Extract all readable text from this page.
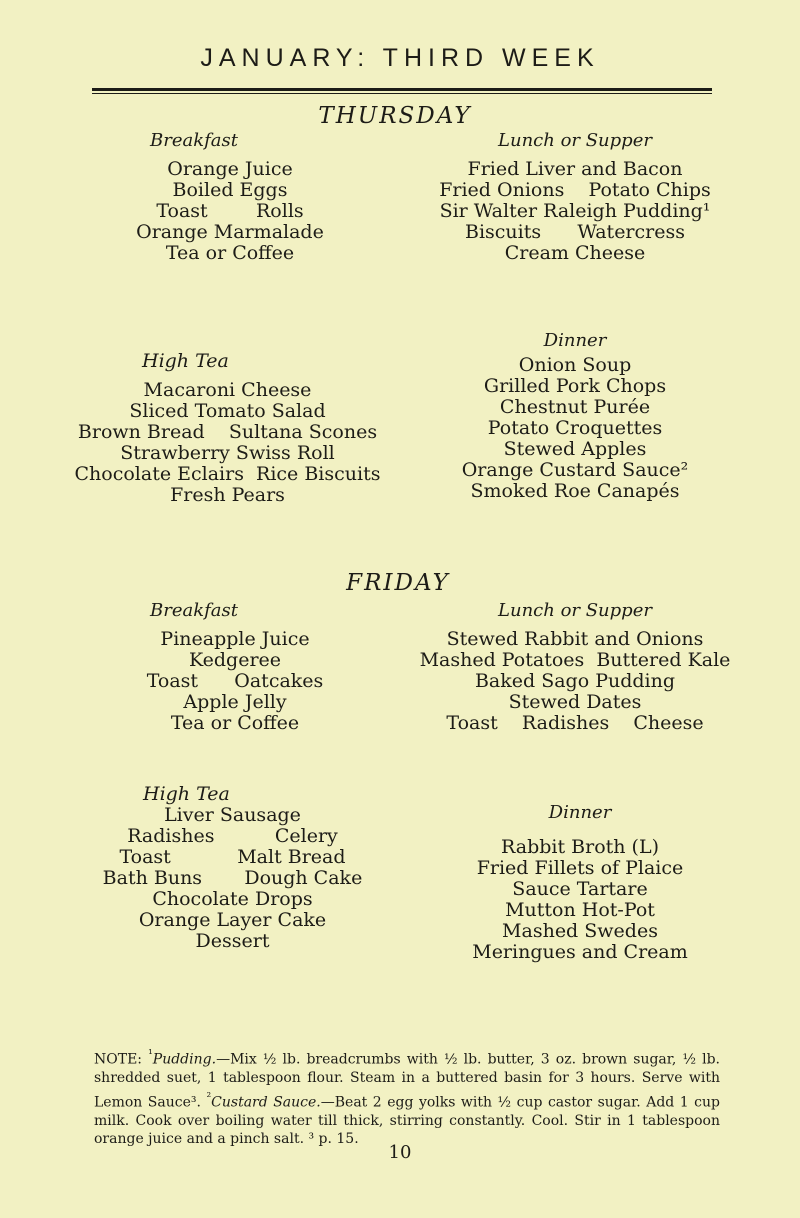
JANUARY: THIRD WEEK
THURSDAY
Breakfast
Orange Juice
Boiled Eggs
Toast        Rolls
Orange Marmalade
Tea or Coffee
Lunch or Supper
Fried Liver and Bacon
Fried Onions    Potato Chips
Sir Walter Raleigh Pudding¹
Biscuits      Watercress
Cream Cheese
High Tea
Macaroni Cheese
Sliced Tomato Salad
Brown Bread    Sultana Scones
Strawberry Swiss Roll
Chocolate Eclairs  Rice Biscuits
Fresh Pears
Dinner
Onion Soup
Grilled Pork Chops
Chestnut Purée
Potato Croquettes
Stewed Apples
Orange Custard Sauce²
Smoked Roe Canapés
FRIDAY
Breakfast
Pineapple Juice
Kedgeree
Toast      Oatcakes
Apple Jelly
Tea or Coffee
Lunch or Supper
Stewed Rabbit and Onions
Mashed Potatoes  Buttered Kale
Baked Sago Pudding
Stewed Dates
Toast    Radishes    Cheese
High Tea
Liver Sausage
Radishes          Celery
Toast           Malt Bread
Bath Buns       Dough Cake
Chocolate Drops
Orange Layer Cake
Dessert
Dinner
Rabbit Broth (L)
Fried Fillets of Plaice
Sauce Tartare
Mutton Hot-Pot
Mashed Swedes
Meringues and Cream
NOTE: $^{^1}$Pudding.—Mix ½ lb. breadcrumbs with ½ lb. butter, 3 oz. brown sugar, ½ lb. shredded suet, 1 tablespoon flour. Steam in a buttered basin for 3 hours. Serve with Lemon Sauce³. $^{^2}$Custard Sauce.—Beat 2 egg yolks with ½ cup castor sugar. Add 1 cup milk. Cook over boiling water till thick, stirring constantly. Cool. Stir in 1 tablespoon orange juice and a pinch salt. ³ p. 15.
10
